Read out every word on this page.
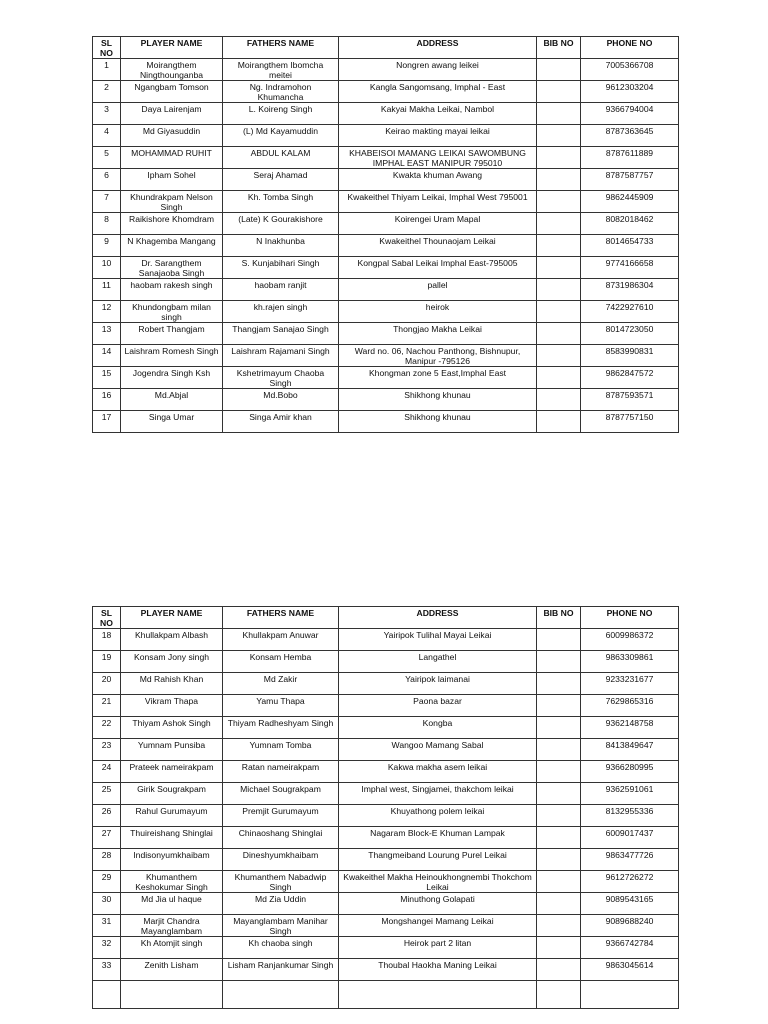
SL NO	PLAYER NAME	FATHERS NAME	ADDRESS	BIB NO	PHONE NO
1	Moirangthem Ningthounganba	Moirangthem Ibomcha meitei	Nongren awang leikei		7005366708
2	Ngangbam Tomson	Ng. Indramohon Khumancha	Kangla Sangomsang, Imphal - East		9612303204
3	Daya Lairenjam	L. Koireng Singh	Kakyai Makha Leikai, Nambol		9366794004
4	Md Giyasuddin	(L) Md Kayamuddin	Keirao makting mayai leikai		8787363645
5	MOHAMMAD RUHIT	ABDUL KALAM	KHABEISOI MAMANG LEIKAI SAWOMBUNG IMPHAL EAST MANIPUR 795010		8787611889
6	Ipham Sohel	Seraj Ahamad	Kwakta khuman Awang		8787587757
7	Khundrakpam Nelson Singh	Kh. Tomba Singh	Kwakeithel Thiyam Leikai, Imphal West 795001		9862445909
8	Raikishore Khomdram	(Late) K Gourakishore	Koirengei Uram Mapal		8082018462
9	N Khagemba Mangang	N Inakhunba	Kwakeithel Thounaojam Leikai		8014654733
10	Dr. Sarangthem Sanajaoba Singh	S. Kunjabihari Singh	Kongpal Sabal Leikai Imphal East-795005		9774166658
11	haobam rakesh singh	haobam ranjit	pallel		8731986304
12	Khundongbam milan singh	kh.rajen singh	heirok		7422927610
13	Robert Thangjam	Thangjam Sanajao Singh	Thongjao Makha Leikai		8014723050
14	Laishram Romesh Singh	Laishram Rajamani Singh	Ward no. 06, Nachou Panthong, Bishnupur, Manipur -795126		8583990831
15	Jogendra Singh Ksh	Kshetrimayum Chaoba Singh	Khongman zone 5 East,Imphal East		9862847572
16	Md.Abjal	Md.Bobo	Shikhong khunau		8787593571
17	Singa Umar	Singa Amir khan	Shikhong khunau		8787757150
SL NO	PLAYER NAME	FATHERS NAME	ADDRESS	BIB NO	PHONE NO
18	Khullakpam Albash	Khullakpam Anuwar	Yairipok Tulihal Mayai Leikai		6009986372
19	Konsam Jony singh	Konsam Hemba	Langathel		9863309861
20	Md Rahish Khan	Md Zakir	Yairipok laimanai		9233231677
21	Vikram Thapa	Yamu Thapa	Paona bazar		7629865316
22	Thiyam Ashok Singh	Thiyam Radheshyam Singh	Kongba		9362148758
23	Yumnam Punsiba	Yumnam Tomba	Wangoo Mamang Sabal		8413849647
24	Prateek nameirakpam	Ratan nameirakpam	Kakwa makha asem leikai		9366280995
25	Girik Sougrakpam	Michael Sougrakpam	Imphal west, Singjamei, thakchom leikai		9362591061
26	Rahul Gurumayum	Premjit Gurumayum	Khuyathong polem leikai		8132955336
27	Thuireishang Shinglai	Chinaoshang Shinglai	Nagaram Block-E Khuman Lampak		6009017437
28	Indisonyumkhaibam	Dineshyumkhaibam	Thangmeiband Lourung Purel Leikai		9863477726
29	Khumanthem Keshokumar Singh	Khumanthem Nabadwip Singh	Kwakeithel Makha Heinoukhongnembi Thokchom Leikai		9612726272
30	Md Jia ul haque	Md Zia Uddin	Minuthong Golapati		9089543165
31	Marjit Chandra Mayanglambam	Mayanglambam Manihar Singh	Mongshangei Mamang Leikai		9089688240
32	Kh Atomjit singh	Kh chaoba singh	Heirok part 2 litan		9366742784
33	Zenith Lisham	Lisham Ranjankumar Singh	Thoubal Haokha Maning Leikai		9863045614
